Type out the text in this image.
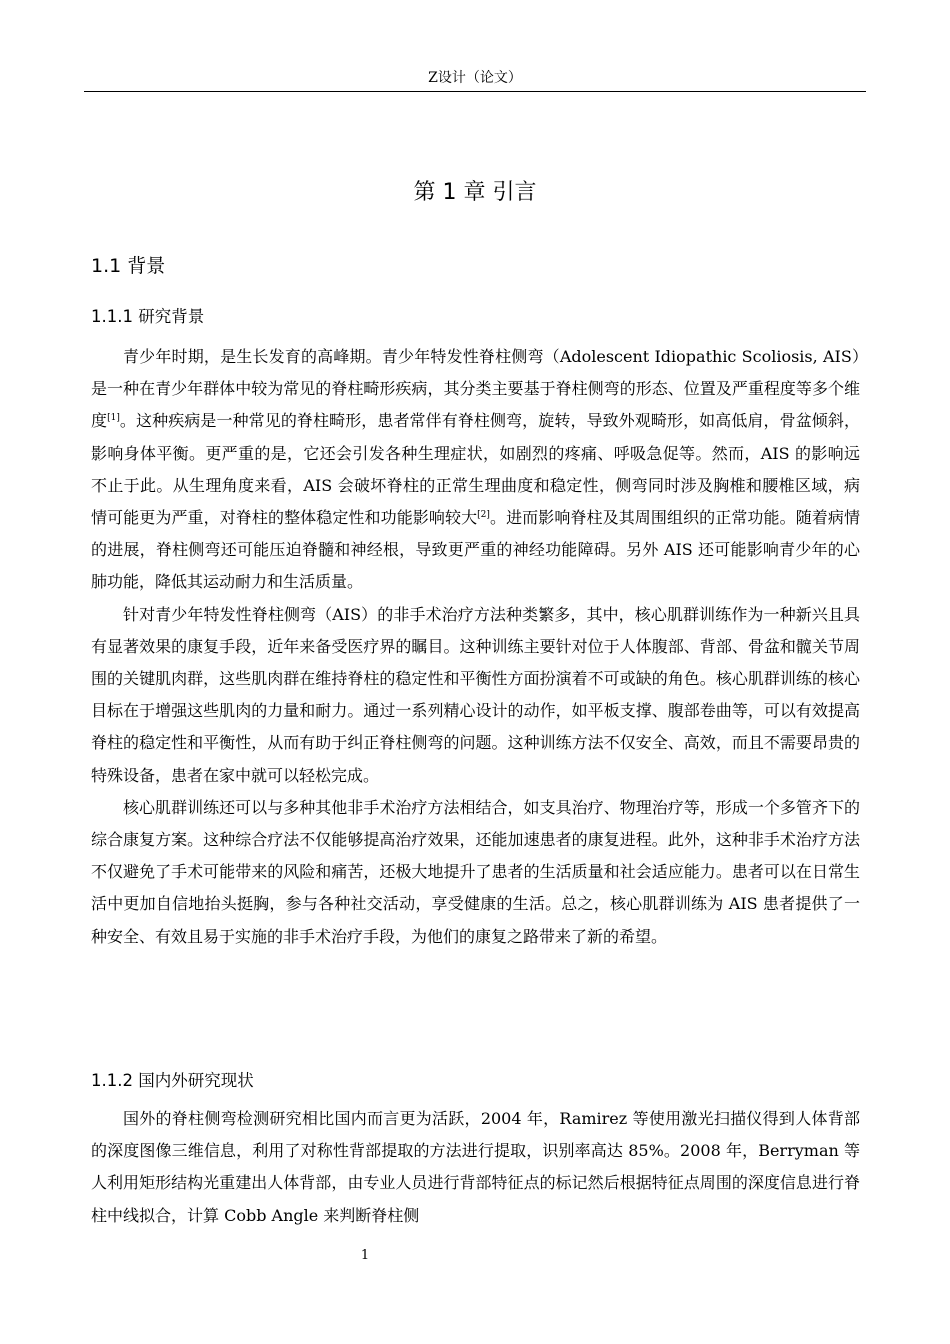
Z设计（论文）
第 1 章 引言
1.1 背景
1.1.1 研究背景

青少年时期，是生长发育的高峰期。青少年特发性脊柱侧弯（Adolescent Idiopathic Scoliosis, AIS）是一种在青少年群体中较为常见的脊柱畸形疾病，其分类主要基于脊柱侧弯的形态、位置及严重程度等多个维度[1]。这种疾病是一种常见的脊柱畸形，患者常伴有脊柱侧弯，旋转，导致外观畸形，如高低肩，骨盆倾斜，影响身体平衡。更严重的是，它还会引发各种生理症状，如剧烈的疼痛、呼吸急促等。然而，AIS 的影响远不止于此。从生理角度来看，AIS 会破坏脊柱的正常生理曲度和稳定性，侧弯同时涉及胸椎和腰椎区域，病情可能更为严重，对脊柱的整体稳定性和功能影响较大[2]。进而影响脊柱及其周围组织的正常功能。随着病情的进展，脊柱侧弯还可能压迫脊髓和神经根，导致更严重的神经功能障碍。另外 AIS 还可能影响青少年的心肺功能，降低其运动耐力和生活质量。

针对青少年特发性脊柱侧弯（AIS）的非手术治疗方法种类繁多，其中，核心肌群训练作为一种新兴且具有显著效果的康复手段，近年来备受医疗界的瞩目。这种训练主要针对位于人体腹部、背部、骨盆和髋关节周围的关键肌肉群，这些肌肉群在维持脊柱的稳定性和平衡性方面扮演着不可或缺的角色。核心肌群训练的核心目标在于增强这些肌肉的力量和耐力。通过一系列精心设计的动作，如平板支撑、腹部卷曲等，可以有效提高脊柱的稳定性和平衡性，从而有助于纠正脊柱侧弯的问题。这种训练方法不仅安全、高效，而且不需要昂贵的特殊设备，患者在家中就可以轻松完成。

核心肌群训练还可以与多种其他非手术治疗方法相结合，如支具治疗、物理治疗等，形成一个多管齐下的综合康复方案。这种综合疗法不仅能够提高治疗效果，还能加速患者的康复进程。此外，这种非手术治疗方法不仅避免了手术可能带来的风险和痛苦，还极大地提升了患者的生活质量和社会适应能力。患者可以在日常生活中更加自信地抬头挺胸，参与各种社交活动，享受健康的生活。总之，核心肌群训练为 AIS 患者提供了一种安全、有效且易于实施的非手术治疗手段，为他们的康复之路带来了新的希望。

1.1.2 国内外研究现状

国外的脊柱侧弯检测研究相比国内而言更为活跃，2004 年，Ramirez 等使用激光扫描仪得到人体背部的深度图像三维信息，利用了对称性背部提取的方法进行提取，识别率高达 85%。2008 年，Berryman 等人利用矩形结构光重建出人体背部，由专业人员进行背部特征点的标记然后根据特征点周围的深度信息进行脊柱中线拟合，计算 Cobb Angle 来判断脊柱侧

1
